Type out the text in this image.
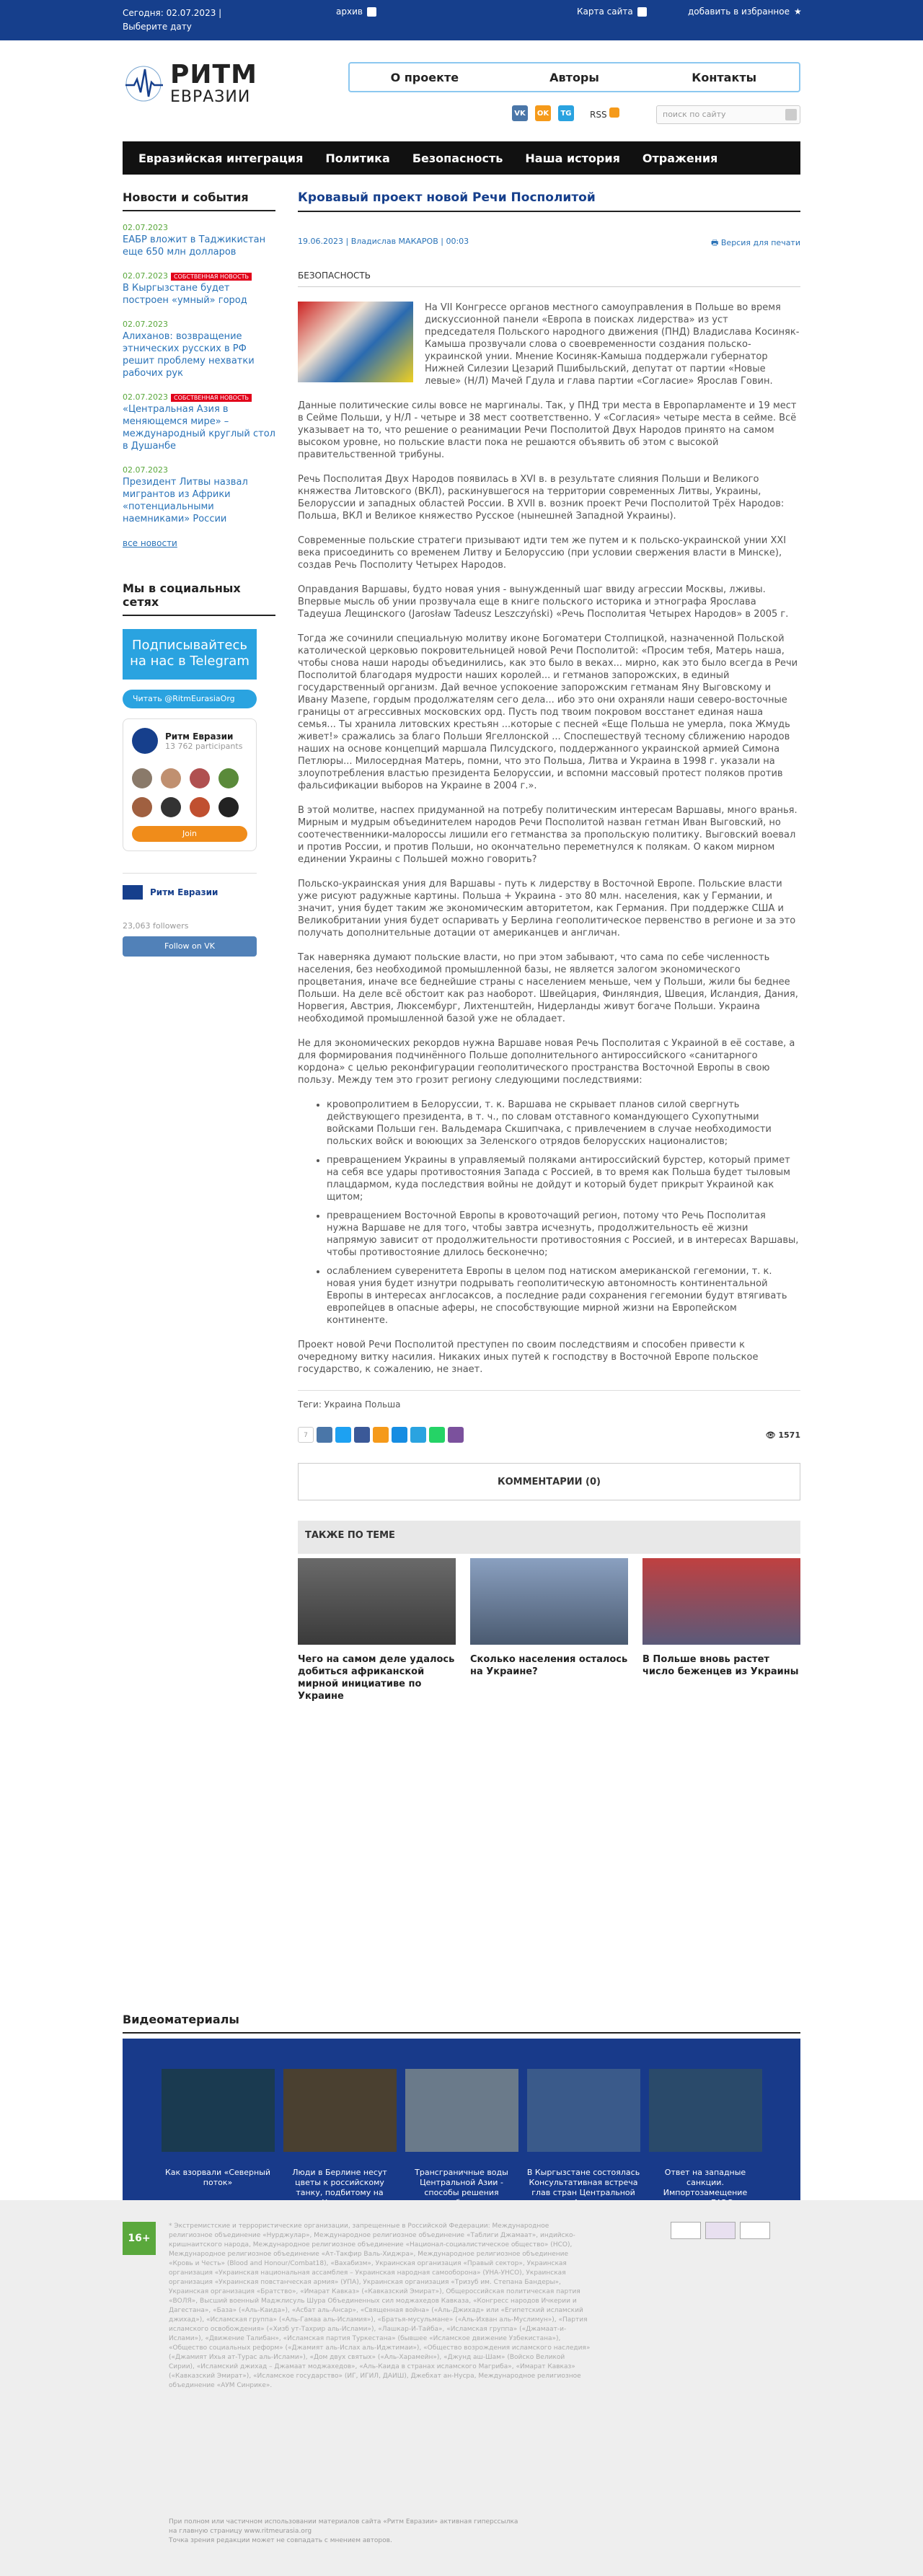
Сегодня: 02.07.2023 |
Выберите дату
архив	Карта сайта	добавить в избранное ★
РИТМ
ЕВРАЗИИ
О проекте	Авторы	Контакты
VK	OK	TG RSS	поиск по сайту
Евразийская интеграция Политика Безопасность Наша история Отражения
Новости и события
02.07.2023
ЕАБР вложит в Таджикистан еще 650 млн долларов
02.07.2023 СОБСТВЕННАЯ НОВОСТЬ
В Кыргызстане будет построен «умный» город
02.07.2023
Алиханов: возвращение этнических русских в РФ решит проблему нехватки рабочих рук
02.07.2023 СОБСТВЕННАЯ НОВОСТЬ
«Центральная Азия в меняющемся мире» – международный круглый стол в Душанбе
02.07.2023
Президент Литвы назвал мигрантов из Африки «потенциальными наемниками» России
все новости
Мы в социальных сетях
Подписывайтесь на нас в Telegram
Читать @RitmEurasiaOrg
Ритм Евразии
13 762 participants
Join
Ритм Евразии
23,063 followers
Follow on VK
Кровавый проект новой Речи Посполитой
19.06.2023 | Владислав МАКАРОВ | 00:03	🖶 Версия для печати
БЕЗОПАСНОСТЬ

На VII Конгрессе органов местного самоуправления в Польше во время дискуссионной панели «Европа в поисках лидерства» из уст председателя Польского народного движения (ПНД) Владислава Косиняк-Камыша прозвучали слова о своевременности создания польско-украинской унии. Мнение Косиняк-Камыша поддержали губернатор Нижней Силезии Цезарий Пшибыльский, депутат от партии «Новые левые» (Н/Л) Мачей Гдула и глава партии «Согласие» Ярослав Говин.

Данные политические силы вовсе не маргиналы. Так, у ПНД три места в Европарламенте и 19 мест в Сейме Польши, у Н/Л - четыре и 38 мест соответственно. У «Согласия» четыре места в сейме. Всё указывает на то, что решение о реанимации Речи Посполитой Двух Народов принято на самом высоком уровне, но польские власти пока не решаются объявить об этом с высокой правительственной трибуны.

Речь Посполитая Двух Народов появилась в XVI в. в результате слияния Польши и Великого княжества Литовского (ВКЛ), раскинувшегося на территории современных Литвы, Украины, Белоруссии и западных областей России. В XVII в. возник проект Речи Посполитой Трёх Народов: Польша, ВКЛ и Великое княжество Русское (нынешней Западной Украины).

Современные польские стратеги призывают идти тем же путем и к польско-украинской унии XXI века присоединить со временем Литву и Белоруссию (при условии свержения власти в Минске), создав Речь Посполиту Четырех Народов.

Оправдания Варшавы, будто новая уния - вынужденный шаг ввиду агрессии Москвы, лживы. Впервые мысль об унии прозвучала еще в книге польского историка и этнографа Ярослава Тадеуша Лещинского (Jarosław Tadeusz Leszczyński) «Речь Посполитая Четырех Народов» в 2005 г.

Тогда же сочинили специальную молитву иконе Богоматери Столпицкой, назначенной Польской католической церковью покровительницей новой Речи Посполитой: «Просим тебя, Матерь наша, чтобы снова наши народы объединились, как это было в веках... мирно, как это было всегда в Речи Посполитой благодаря мудрости наших королей... и гетманов запорожских, в единый государственный организм. Дай вечное успокоение запорожским гетманам Яну Выговскому и Ивану Мазепе, гордым продолжателям сего дела... ибо это они охраняли наши северо-восточные границы от агрессивных московских орд. Пусть под твоим покровом восстанет единая наша семья... Ты хранила литовских крестьян ...которые с песней «Еще Польша не умерла, пока Жмудь живет!» сражались за благо Польши Ягеллонской ... Споспешествуй тесному сближению народов наших на основе концепций маршала Пилсудского, поддержанного украинской армией Симона Петлюры... Милосердная Матерь, помни, что это Польша, Литва и Украина в 1998 г. указали на злоупотребления властью президента Белоруссии, и вспомни массовый протест поляков против фальсификации выборов на Украине в 2004 г.».

В этой молитве, наспех придуманной на потребу политическим интересам Варшавы, много вранья. Мирным и мудрым объединителем народов Речи Посполитой назван гетман Иван Выговский, но соотечественники-малороссы лишили его гетманства за пропольскую политику. Выговский воевал и против России, и против Польши, но окончательно переметнулся к полякам. О каком мирном единении Украины с Польшей можно говорить?

Польско-украинская уния для Варшавы - путь к лидерству в Восточной Европе. Польские власти уже рисуют радужные картины. Польша + Украина - это 80 млн. населения, как у Германии, и значит, уния будет таким же экономическим авторитетом, как Германия. При поддержке США и Великобритании уния будет оспаривать у Берлина геополитическое первенство в регионе и за это получать дополнительные дотации от американцев и англичан.

Так наверняка думают польские власти, но при этом забывают, что сама по себе численность населения, без необходимой промышленной базы, не является залогом экономического процветания, иначе все беднейшие страны с населением меньше, чем у Польши, жили бы беднее Польши. На деле всё обстоит как раз наоборот. Швейцария, Финляндия, Швеция, Исландия, Дания, Норвегия, Австрия, Люксембург, Лихтенштейн, Нидерланды живут богаче Польши. Украина необходимой промышленной базой уже не обладает.

Не для экономических рекордов нужна Варшаве новая Речь Посполитая с Украиной в её составе, а для формирования подчинённого Польше дополнительного антироссийского «санитарного кордона» с целью реконфигурации геополитического пространства Восточной Европы в свою пользу. Между тем это грозит региону следующими последствиями:

• кровопролитием в Белоруссии, т. к. Варшава не скрывает планов силой свергнуть действующего президента, в т. ч., по словам отставного командующего Сухопутными войсками Польши ген. Вальдемара Скшипчака, с привлечением в случае необходимости польских войск и воюющих за Зеленского отрядов белорусских националистов;
• превращением Украины в управляемый поляками антироссийский бурстер, который примет на себя все удары противостояния Запада с Россией, в то время как Польша будет тыловым плацдармом, куда последствия войны не дойдут и который будет прикрыт Украиной как щитом;
• превращением Восточной Европы в кровоточащий регион, потому что Речь Посполитая нужна Варшаве не для того, чтобы завтра исчезнуть, продолжительность её жизни напрямую зависит от продолжительности противостояния с Россией, и в интересах Варшавы, чтобы противостояние длилось бесконечно;
• ослаблением суверенитета Европы в целом под натиском американской гегемонии, т. к. новая уния будет изнутри подрывать геополитическую автономность континентальной Европы в интересах англосаксов, а последние ради сохранения гегемонии будут втягивать европейцев в опасные аферы, не способствующие мирной жизни на Европейском континенте.

Проект новой Речи Посполитой преступен по своим последствиям и способен привести к очередному витку насилия. Никаких иных путей к господству в Восточной Европе польское государство, к сожалению, не знает.

Теги: Украина Польша
7	👁 1571
КОММЕНТАРИИ (0)
ТАКЖЕ ПО ТЕМЕ
Чего на самом деле удалось добиться африканской мирной инициативе по Украине
Сколько населения осталось на Украине?
В Польше вновь растет число беженцев из Украины
Видеоматериалы
Как взорвали «Северный поток»
Люди в Берлине несут цветы к российскому танку, подбитому на
Трансграничные воды Центральной Азии - способы решения
В Кыргызстане состоялась Консультативная встреча глав стран Центральной
Ответ на западные санкции. Импортозамещение
16+
* Экстремистские и террористические организации, запрещенные в Российской Федерации: Международное религиозное объединение «Нурджулар», Международное религиозное объединение «Таблиги Джамаат», индийско-кришнаитского народа, Международное религиозное объединение «Национал-социалистическое общество» (НСО), Международное религиозное объединение «Ат-Такфир Валь-Хиджра», Международное религиозное объединение «Кровь и Честь» (Blood and Honour/Combat18), «Вахабизм», Украинская организация «Правый сектор», Украинская организация «Украинская национальная ассамблея – Украинская народная самооборона» (УНА-УНСО), Украинская организация «Украинская повстанческая армия» (УПА), Украинская организация «Тризуб им. Степана Бандеры», Украинская организация «Братство», «Имарат Кавказ» («Кавказский Эмират»), Общероссийская политическая партия «ВОЛЯ», Высший военный Маджлисуль Шура Объединенных сил моджахедов Кавказа, «Конгресс народов Ичкерии и Дагестана», «База» («Аль-Каида»), «Асбат аль-Ансар», «Священная война» («Аль-Джихад» или «Египетский исламский джихад»), «Исламская группа» («Аль-Гамаа аль-Исламия»), «Братья-мусульмане» («Аль-Ихван аль-Муслимун»), «Партия исламского освобождения» («Хизб ут-Тахрир аль-Ислами»), «Лашкар-И-Тайба», «Исламская группа» («Джамаат-и-Ислами»), «Движение Талибан», «Исламская партия Туркестана» (бывшее «Исламское движение Узбекистана»), «Общество социальных реформ» («Джамият аль-Ислах аль-Иджтимаи»), «Общество возрождения исламского наследия» («Джамият Ихья ат-Турас аль-Ислами»), «Дом двух святых» («Аль-Харамейн»), «Джунд аш-Шам» (Войско Великой Сирии), «Исламский джихад – Джамаат моджахедов», «Аль-Каида в странах исламского Магриба», «Имарат Кавказ» («Кавказский Эмират»), «Исламское государство» (ИГ, ИГИЛ, ДАИШ), Джебхат ан-Нусра, Международное религиозное объединение «АУМ Синрике».
При полном или частичном использовании материалов сайта «Ритм Евразии» активная гиперссылка
на главную страницу www.ritmeurasia.org
Точка зрения редакции может не совпадать с мнением авторов.
